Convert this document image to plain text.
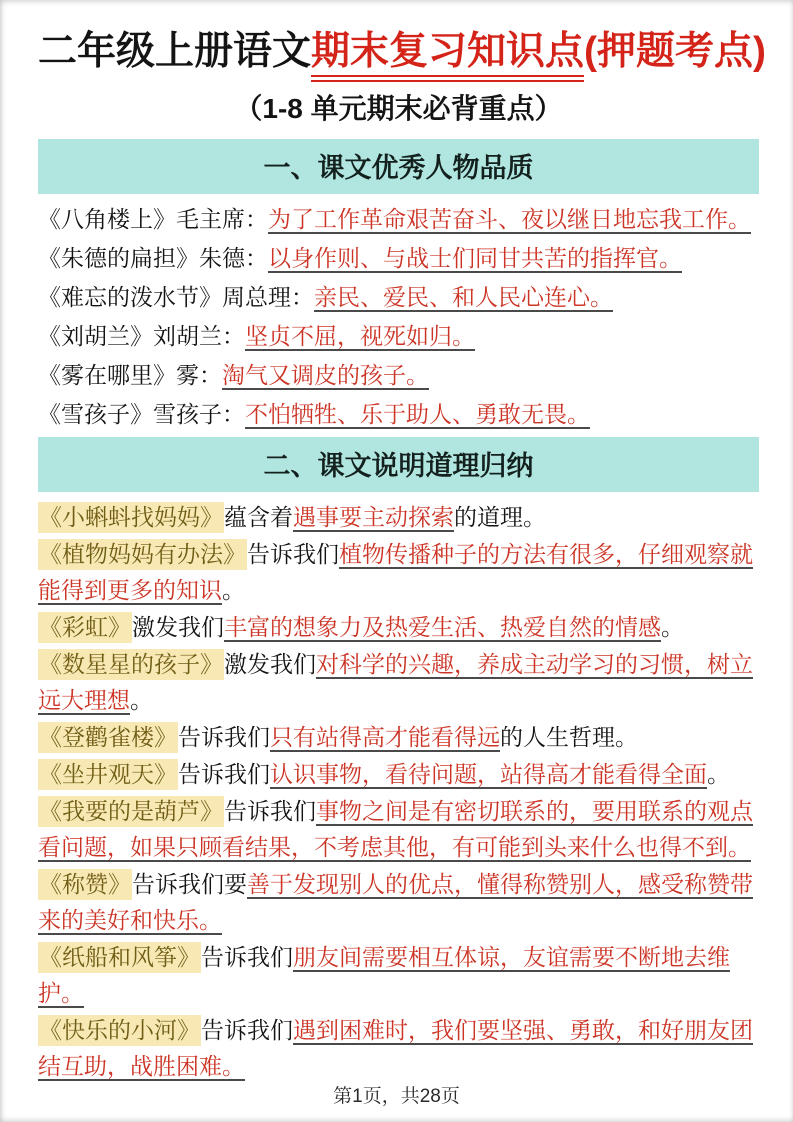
二年级上册语文期末复习知识点(押题考点)
（1-8 单元期末必背重点）
一、课文优秀人物品质
《八角楼上》毛主席：为了工作革命艰苦奋斗、夜以继日地忘我工作。
《朱德的扁担》朱德：以身作则、与战士们同甘共苦的指挥官。
《难忘的泼水节》周总理：亲民、爱民、和人民心连心。
《刘胡兰》刘胡兰：坚贞不屈，视死如归。
《雾在哪里》雾：淘气又调皮的孩子。
《雪孩子》雪孩子：不怕牺牲、乐于助人、勇敢无畏。
二、课文说明道理归纳
《小蝌蚪找妈妈》蕴含着遇事要主动探索的道理。
《植物妈妈有办法》告诉我们植物传播种子的方法有很多，仔细观察就能得到更多的知识。
《彩虹》激发我们丰富的想象力及热爱生活、热爱自然的情感。
《数星星的孩子》激发我们对科学的兴趣，养成主动学习的习惯，树立远大理想。
《登鹳雀楼》告诉我们只有站得高才能看得远的人生哲理。
《坐井观天》告诉我们认识事物，看待问题，站得高才能看得全面。
《我要的是葫芦》告诉我们事物之间是有密切联系的，要用联系的观点看问题，如果只顾看结果，不考虑其他，有可能到头来什么也得不到。
《称赞》告诉我们要善于发现别人的优点，懂得称赞别人，感受称赞带来的美好和快乐。
《纸船和风筝》告诉我们朋友间需要相互体谅，友谊需要不断地去维护。
《快乐的小河》告诉我们遇到困难时，我们要坚强、勇敢，和好朋友团结互助，战胜困难。
第1页，共28页
